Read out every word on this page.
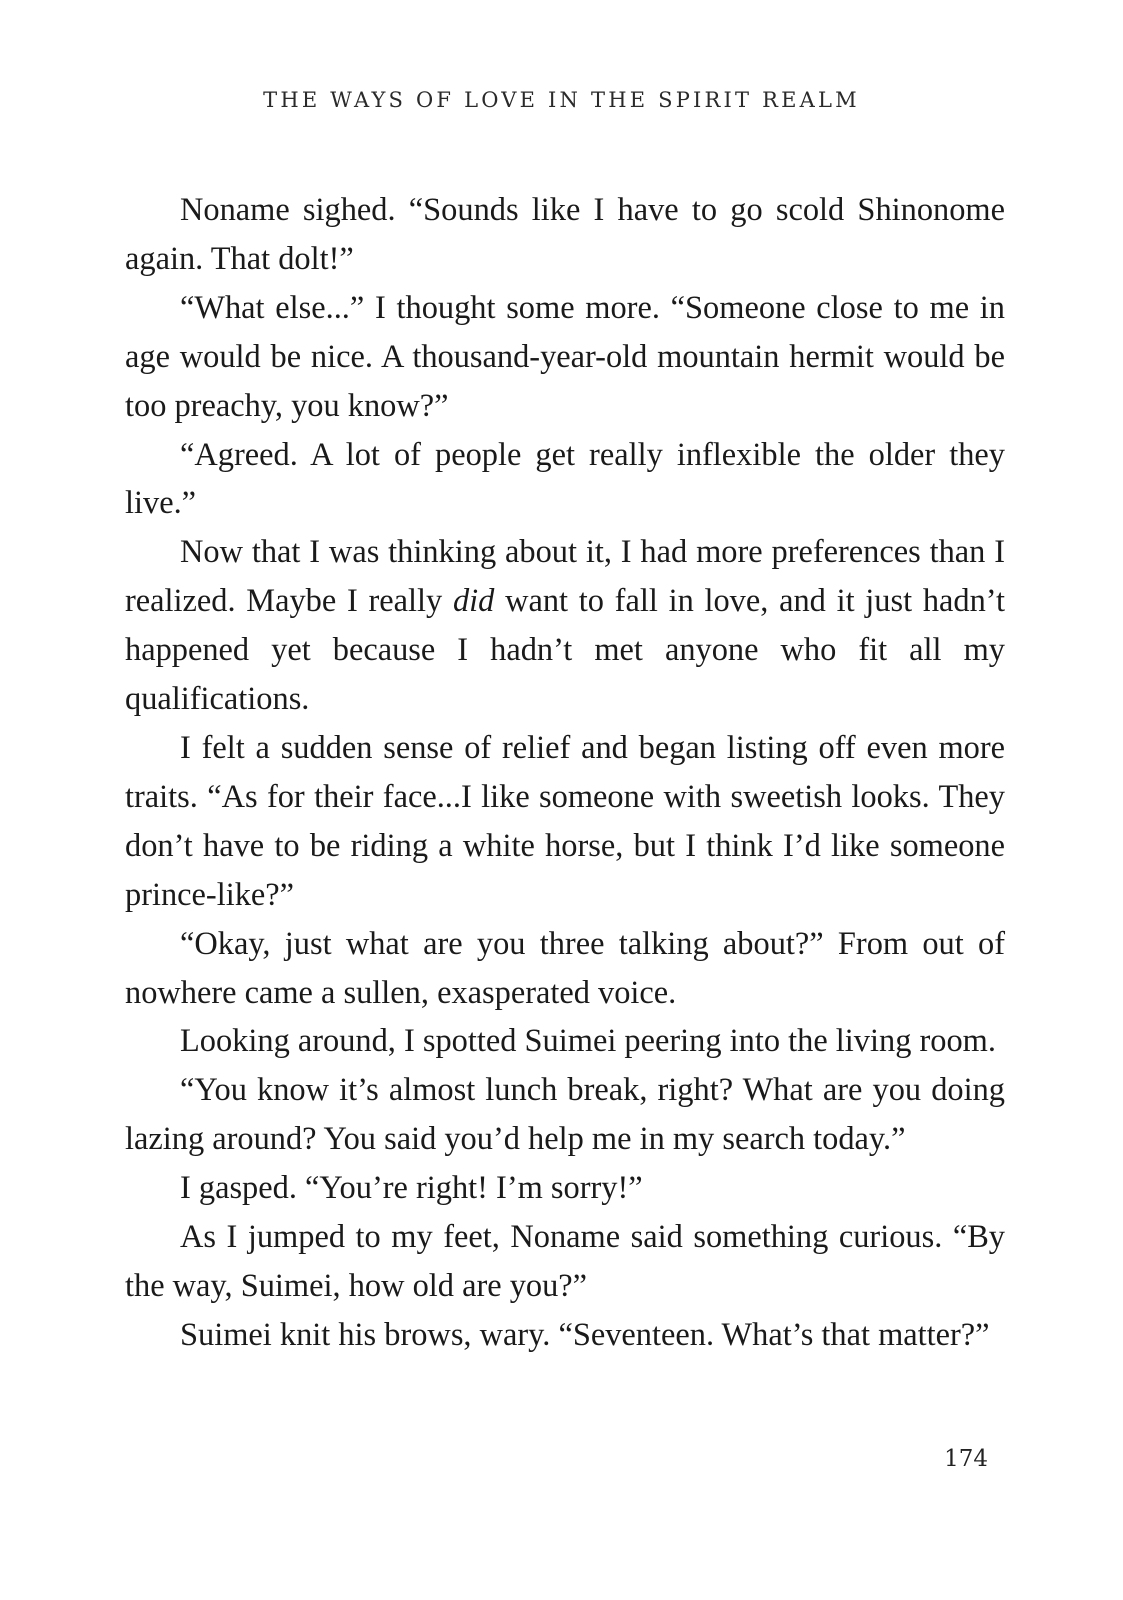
THE WAYS OF LOVE IN THE SPIRIT REALM

Noname sighed. “Sounds like I have to go scold Shinonome again. That dolt!”

“What else...” I thought some more. “Someone close to me in age would be nice. A thousand-year-old mountain hermit would be too preachy, you know?”

“Agreed. A lot of people get really inflexible the older they live.”

Now that I was thinking about it, I had more preferences than I realized. Maybe I really did want to fall in love, and it just hadn’t happened yet because I hadn’t met anyone who fit all my qualifications.

I felt a sudden sense of relief and began listing off even more traits. “As for their face...I like someone with sweetish looks. They don’t have to be riding a white horse, but I think I’d like someone prince-like?”

“Okay, just what are you three talking about?” From out of nowhere came a sullen, exasperated voice.

Looking around, I spotted Suimei peering into the living room.

“You know it’s almost lunch break, right? What are you doing lazing around? You said you’d help me in my search today.”

I gasped. “You’re right! I’m sorry!”

As I jumped to my feet, Noname said something curious. “By the way, Suimei, how old are you?”

Suimei knit his brows, wary. “Seventeen. What’s that matter?”

174
